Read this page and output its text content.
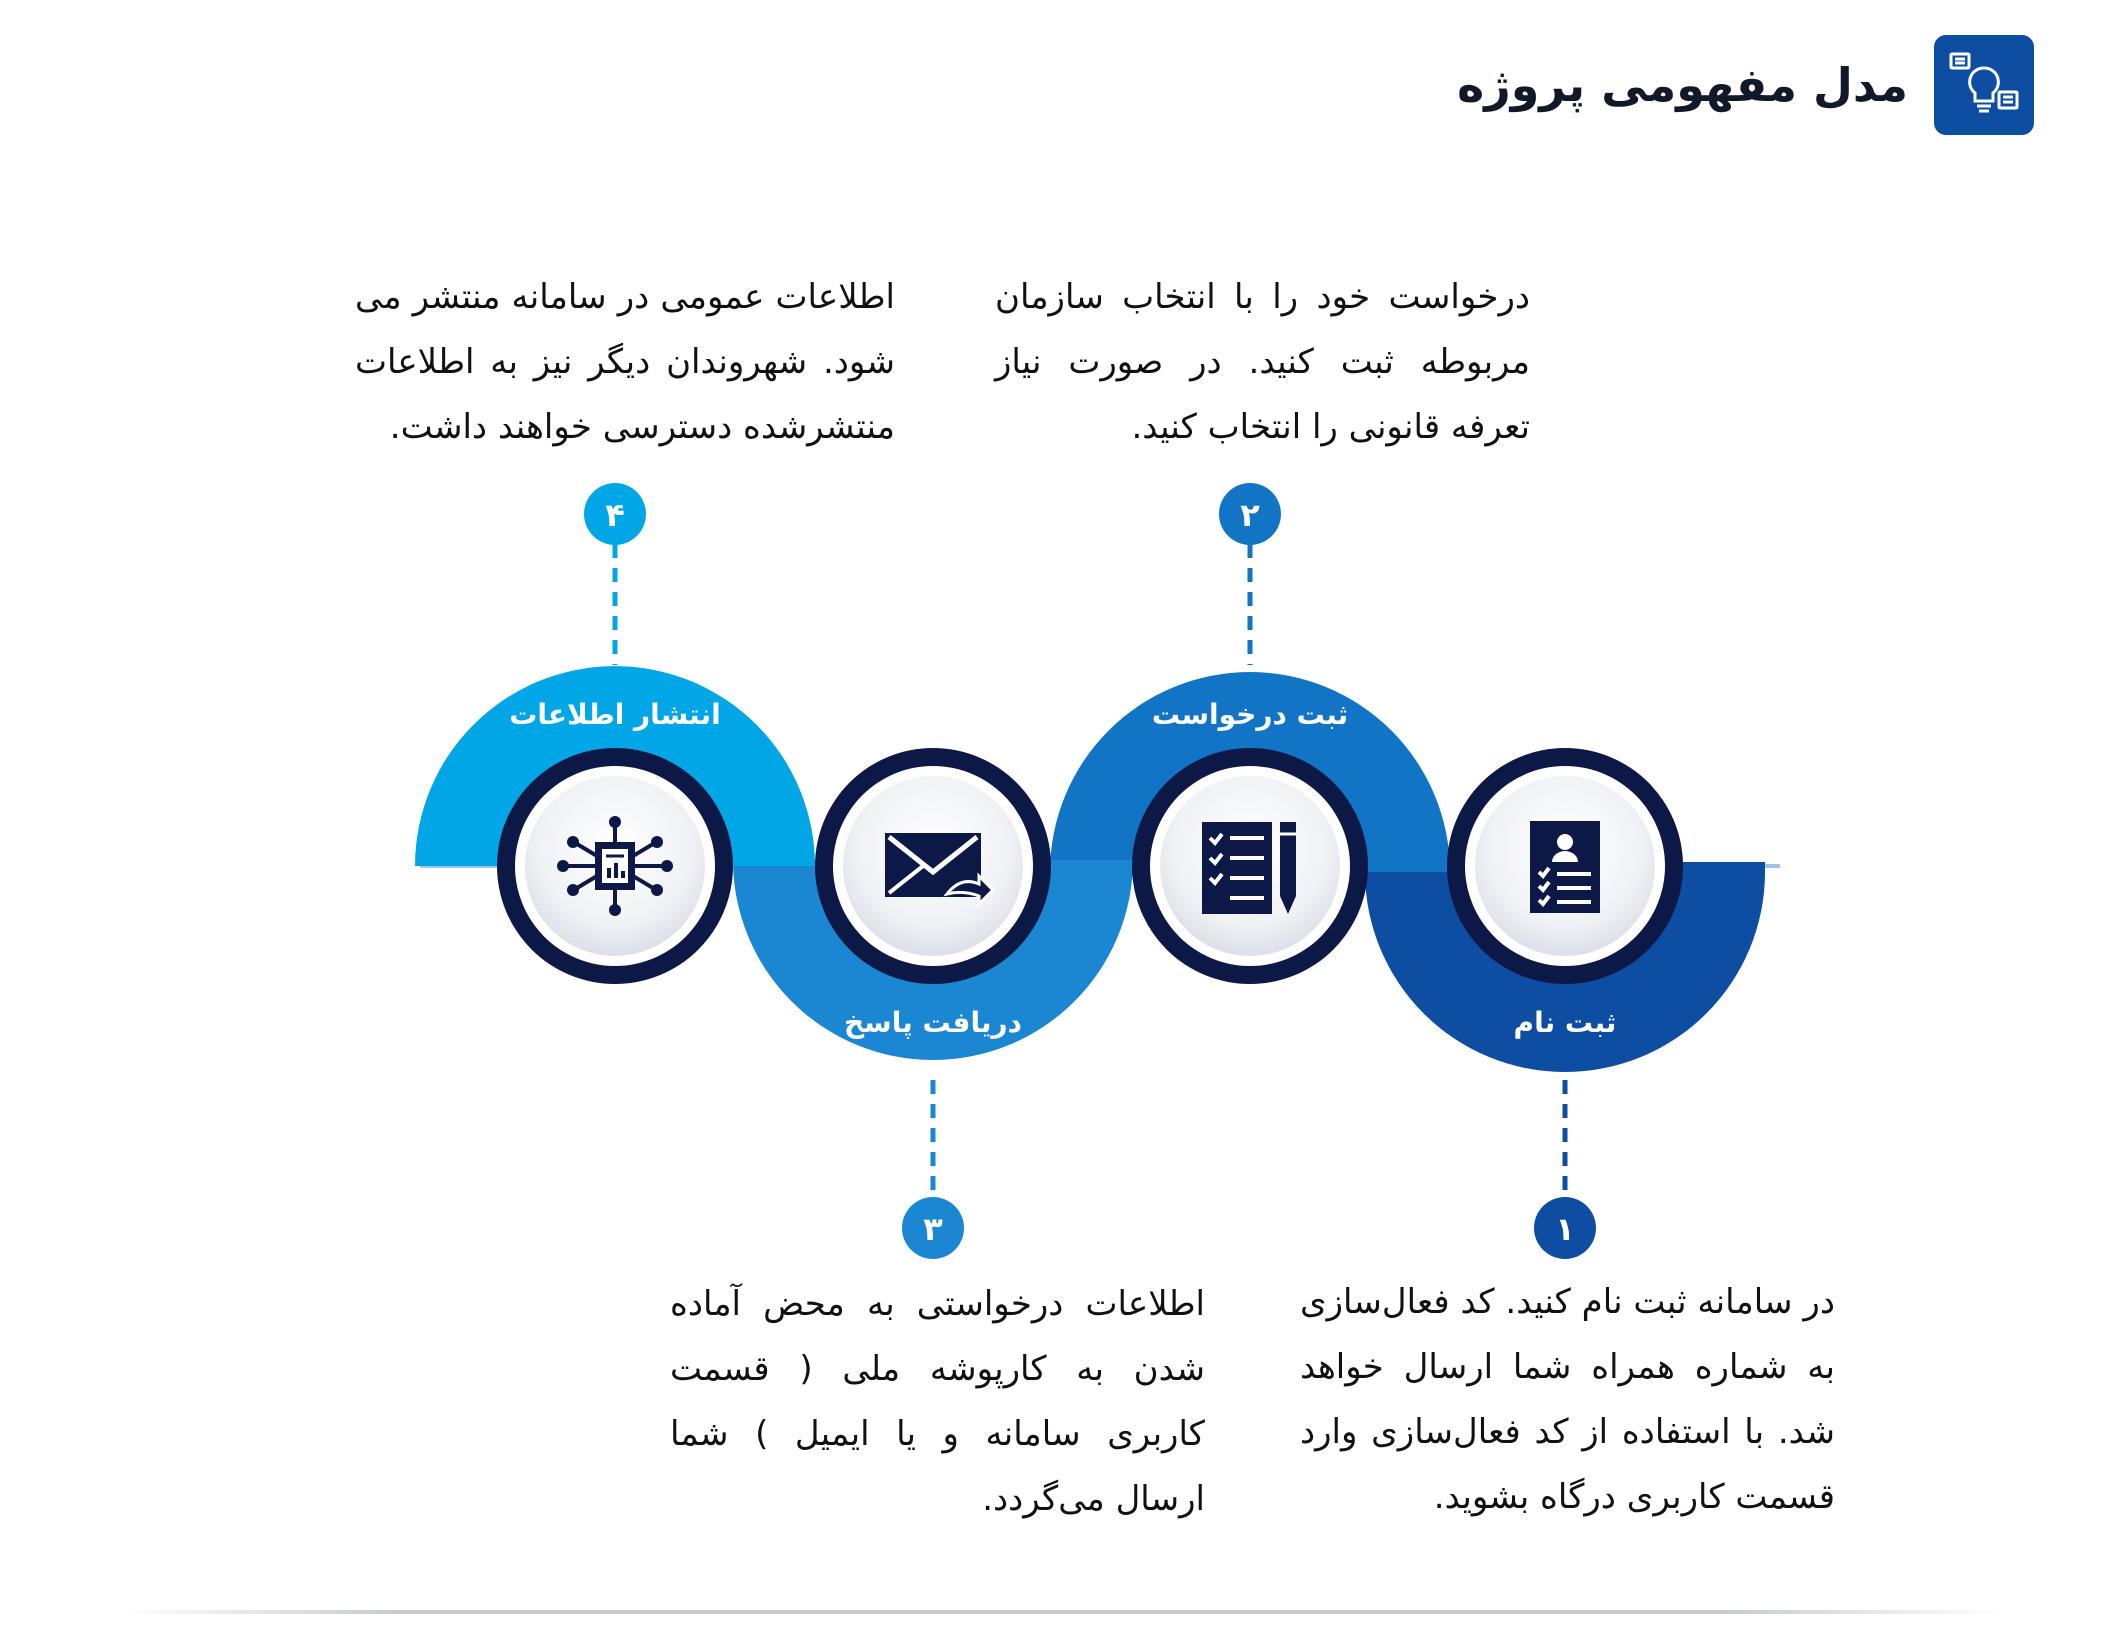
مدل مفهومی پروژه
ثبت نام
ثبت درخواست
دریافت پاسخ
انتشار اطلاعات
۱
۲
۳
۴
در سامانه ثبت نام کنید. کد فعال‌سازی به شماره همراه شما ارسال خواهد شد. با استفاده از کد فعال‌سازی وارد قسمت کاربری درگاه بشوید.
درخواست خود را با انتخاب سازمان مربوطه ثبت کنید. در صورت نیاز تعرفه قانونی را انتخاب کنید.
اطلاعات درخواستی به محض آماده شدن به کارپوشه ملی ( قسمت کاربری سامانه و یا ایمیل ) شما ارسال می‌گردد.
اطلاعات عمومی در سامانه منتشر می شود. شهروندان دیگر نیز به اطلاعات منتشرشده دسترسی خواهند داشت.
